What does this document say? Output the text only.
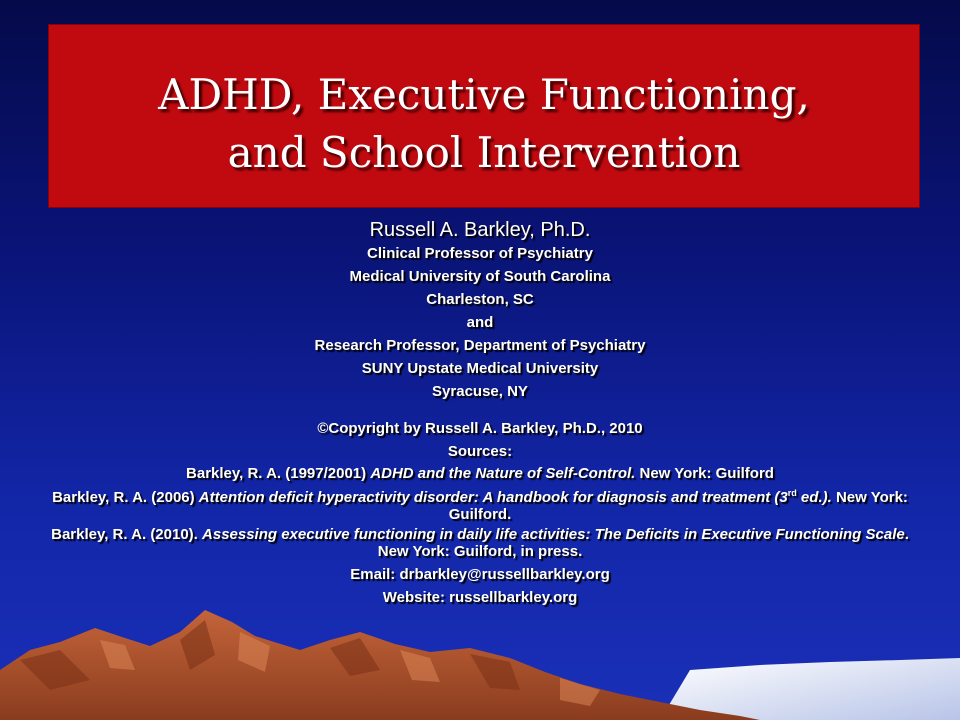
ADHD, Executive Functioning,
and School Intervention
Russell A. Barkley, Ph.D.
Clinical Professor of Psychiatry
Medical University of South Carolina
Charleston, SC
and
Research Professor, Department of Psychiatry
SUNY Upstate Medical University
Syracuse, NY
©Copyright by Russell A. Barkley, Ph.D., 2010
Sources:
Barkley, R. A. (1997/2001) ADHD and the Nature of Self-Control. New York: Guilford
Barkley, R. A. (2006) Attention deficit hyperactivity disorder: A handbook for diagnosis and treatment (3rd ed.). New York: Guilford.
Barkley, R. A. (2010). Assessing executive functioning in daily life activities: The Deficits in Executive Functioning Scale. New York: Guilford, in press.
Email: drbarkley@russellbarkley.org
Website: russellbarkley.org
